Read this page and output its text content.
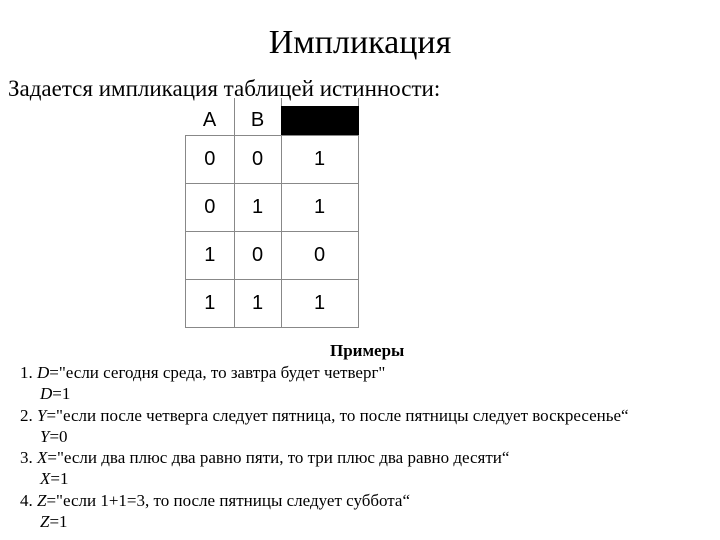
Импликация
Задается импликация таблицей истинности:
A	B	

0	0	1
0	1	1
1	0	0
1	1	1
Примеры
1. D="если сегодня среда, то завтра будет четверг"
D=1
2. Y="если после четверга следует пятница, то после пятницы следует воскресенье“
Y=0
3. X="если два плюс два равно пяти, то три плюс два равно десяти“
X=1
4. Z="если 1+1=3, то после пятницы следует суббота“
Z=1
